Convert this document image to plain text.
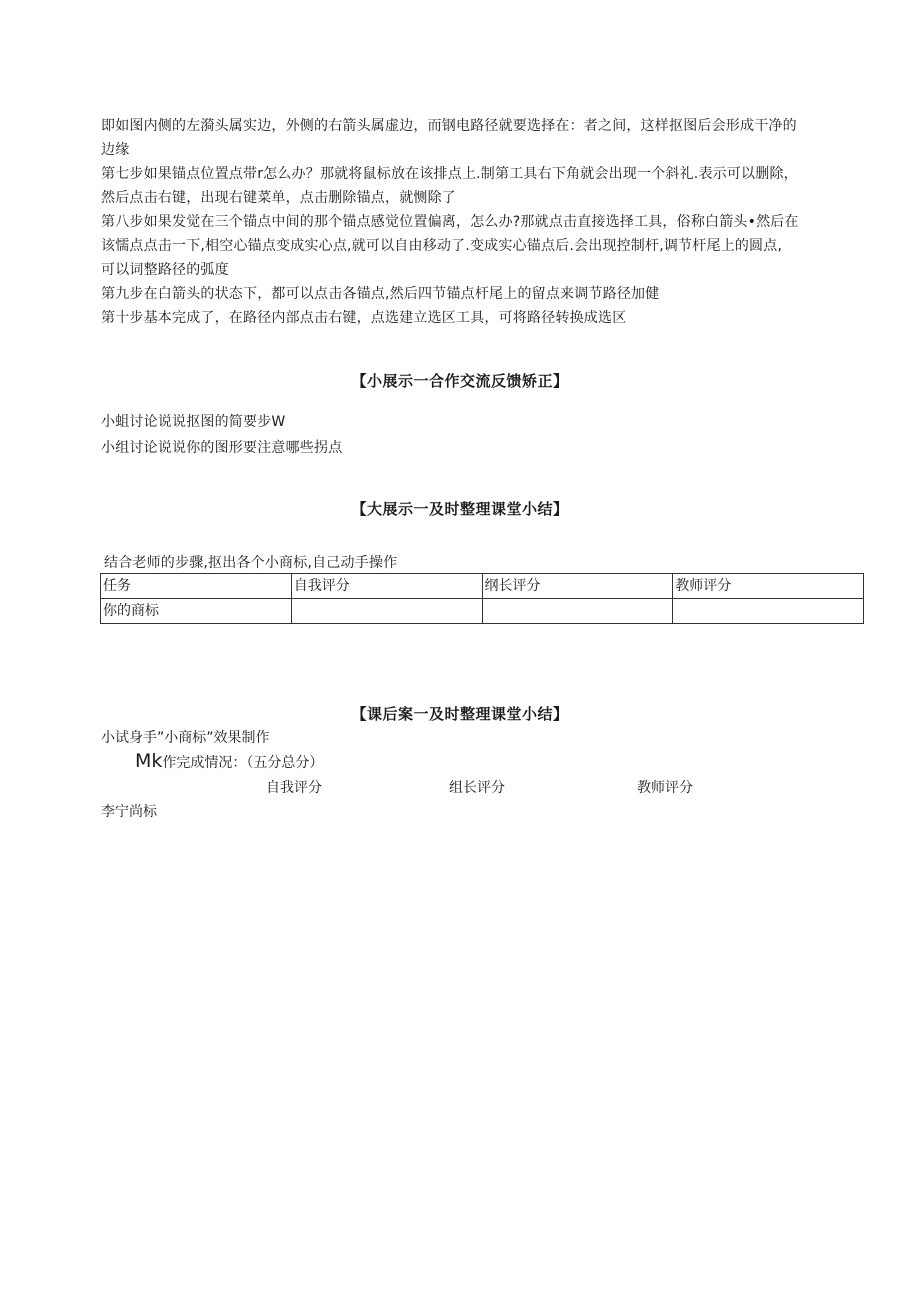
即如图内侧的左漪头属实边，外侧的右箭头属虚边，而钢电路径就要选择在：者之间，这样抠图后会形成干净的
边缘
第七步如果锚点位置点带r怎么办？那就将鼠标放在该排点上.制第工具右下角就会出现一个斜礼.表示可以删除，
然后点击右键，出现右键菜单，点击删除锚点，就恻除了
第八步如果发觉在三个锚点中间的那个锚点感觉位置偏离，怎么办?那就点击直接选择工具，俗称白箭头•然后在
该懦点点击一下,相空心锚点变成实心点,就可以自由移动了.变成实心锚点后.会出现控制杆,调节杆尾上的圆点,
可以词整路径的弧度
第九步在白箭头的状态下，都可以点击各锚点,然后四节锚点杆尾上的留点来调节路径加健
第十步基本完成了，在路径内部点击右键，点选建立选区工具，可将路径转换成选区
【小展示一合作交流反馈矫正】
小蛆讨论说说抠图的简要步W
小组讨论说说你的图形要注意哪些拐点
【大展示一及时整理课堂小结】
结合老师的步骤,抠出各个小商标,自己动手操作
任务	自我评分	纲长评分	教师评分
你的商标			
【课后案一及时整理课堂小结】
小试身手”小商标”效果制作
Mk作完成情况：（五分总分）
自我评分	组长评分	教师评分
李宁尚标
